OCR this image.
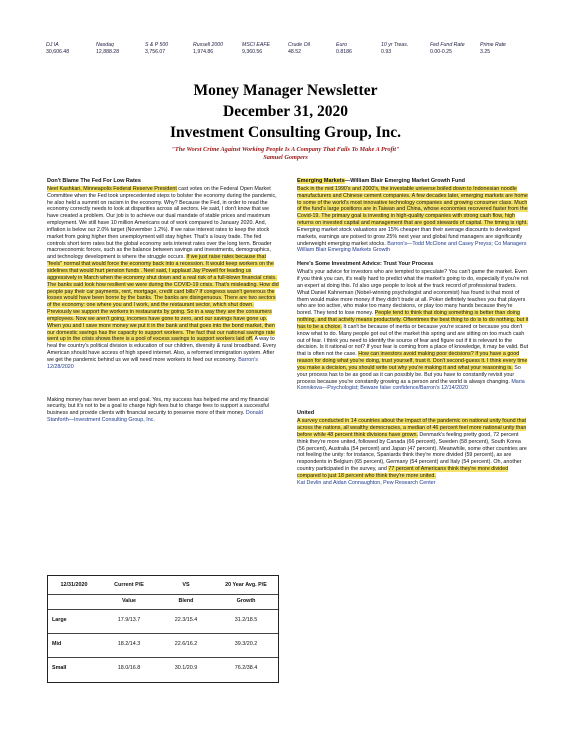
DJ IA
30,606.48
Nasdaq
12,888.28
S & P 500
3,756.07
Russell 2000
1,974.86
MSCI EAFE
9,360.56
Crude Oil
48.52
Euro
0.8186
10 yr Treas.
0.93
Fed Fund Rate
0.00-0.25
Prime Rate
3.25
Money Manager Newsletter
December 31, 2020
Investment Consulting Group, Inc.
"The Worst Crime Against Working People Is A Company That Fails To Make A Profit"
Samuel Gompers
Don't Blame The Fed For Low Rates

Neel Kashkari, Minneapolis Federal Reserve President cast votes on the Federal Open Market Committee when the Fed took unprecedented steps to bolster the economy during the pandemic, he also held a summit on racism in the economy. Why? Because the Fed, in order to read the economy correctly needs to look at disparities across all sectors. He said, I don't know that we have created a problem. Our job is to achieve our dual mandate of stable prices and maximum employment. We still have 10 million Americans out of work compared to January 2020. And, inflation is below our 2.0% target (November 1.2%). If we raise interest rates to keep the stock market from going higher then unemployment will stay higher. That's a lousy trade. The fed controls short term rates but the global economy sets interest rates over the long term. Broader macroeconomic forces, such as the balance between savings and investments, demographics, and technology development is where the struggle occurs. If we just raise rates because that "feels" normal that would force the economy back into a recession. It would keep workers on the sidelines that would hurt pension funds . Neel said, I applaud Jay Powell for leading us aggressively in March when the economy shut down and a real risk of a full-blown financial crisis. The banks said look how resilient we were during the COVID-19 crisis. That's misleading. How did people pay their car payments, rent, mortgage, credit card bills? If congress wasn't generous the losses would have been borne by the banks. The banks are disingenuous. There are two sectors of the economy: one where you and I work, and the restaurant sector, which shut down. Previously we support the workers in restaurants by going. So in a way they are the consumers employees. Now we aren't going, incomes have gone to zero, and our savings have gone up. When you and I save more money we put it in the bank and that goes into the bond market, then our domestic savings has the capacity to support workers. The fact that our national savings rate went up in the crisis shows there is a pool of excess savings to support workers laid off. A way to heal the country's political division is education of our children, diversity & rural broadband. Every American should have access of high speed internet. Also, a reformed immigration system. After we get the pandemic behind us we will need more workers to feed our economy. Barron's 12/28/2020

Making money has never been an end goal. Yes, my success has helped me and my financial security, but it's not to be a goal to charge high fees but to charge fees to support a successful business and provide clients with financial security to preserve more of their money. Donald Stanforth—Investment Consulting Group, Inc.

12/31/2020	Current P/E	VS	20 Year Avg. P/E
Value	Blend	Growth
Large	17.9/13.7	22.3/15.4	31.2/18.5
Mid	18.2/14.3	22.6/16.2	39.3/20.2
Small	18.0/16.8	30.1/20.9	76.2/38.4
Emerging Markets—William Blair Emerging Market Growth Fund

Back in the mid 1990's and 2000's, the investable universe boiled down to Indonesian noodle manufacturers and Chinese cement companies. A few decades later, emerging markets are home to some of the world's most innovative technology companies and growing consumer class. Much of the fund's large positions are in Taiwan and China, whose economies recovered faster from the Covid-19. The primary goal is investing in high-quality companies with strong cash flow, high returns on invested capital and management that are good stewards of capital. The timing is right. Emerging market stock valuations are 15% cheaper than their average discounts to developed markets, earnings are poised to grow 25% next year and global fund managers are significantly underweight emerging market stocks. Barron's—Todd McClone and Casey Preyss; Co Managers William Blair Emerging Markets Growth

Here's Some Investment Advice: Trust Your Process

What's your advice for investors who are tempted to speculate? You can't game the market. Even if you think you can, it's really hard to predict what the market's going to do, especially if you're not an expert at doing this. I'd also urge people to look at the track record of professional traders. What Daniel Kahneman (Nobel-winning psychologist and economist) has found is that most of them would make more money if they didn't trade at all. Poker definitely teaches you that players who are too active, who make too many decisions, or play too many hands because they're bored. They tend to lose money. People tend to think that doing something is better than doing nothing, and that activity means productivity. Oftentimes the best thing to do is to do nothing, but it has to be a choice. It can't be because of inertia or because you're scared or because you don't know what to do. Many people got out of the market this spring and are sitting on too much cash out of fear. I think you need to identify the source of fear and figure out if it is relevant to the decision. Is it rational or not? If your fear is coming from a place of knowledge, it may be valid. But that is often not the case. How can investors avoid making poor decisions? If you have a good reason for doing what you're doing, trust yourself, trust it. Don't second-guess it. I think every time you make a decision, you should write out why you're making it and what your reasoning is. So your process has to be as good as it can possibly be. But you have to constantly revisit your process because you're constantly growing as a person and the world is always changing. Maria Konnikova—Psychologist; Beware false confidence/Barron's 12/14/2020

United

A survey conducted in 14 countries about the impact of the pandemic on national unity found that across the nations, all wealthy democracies, a median of 46 percent feel more national unity than before while 48 percent think divisions have grown. Denmark's feeling pretty good, 72 percent think they're more united, followed by Canada (66 percent), Sweden (58 percent), South Korea (56 percent), Australia (54 percent) and Japan (47 percent). Meanwhile, some other countries are not feeling the unity: for instance, Spaniards think they're more divided (59 percent), as are respondents in Belgium (65 percent), Germany (54 percent) and Italy (54 percent). Oh, another country participated in the survey, and 77 percent of Americans think they're more divided compared to just 18 percent who think they're more united.

Kat Devlin and Aidan Connaughton, Pew Research Center
